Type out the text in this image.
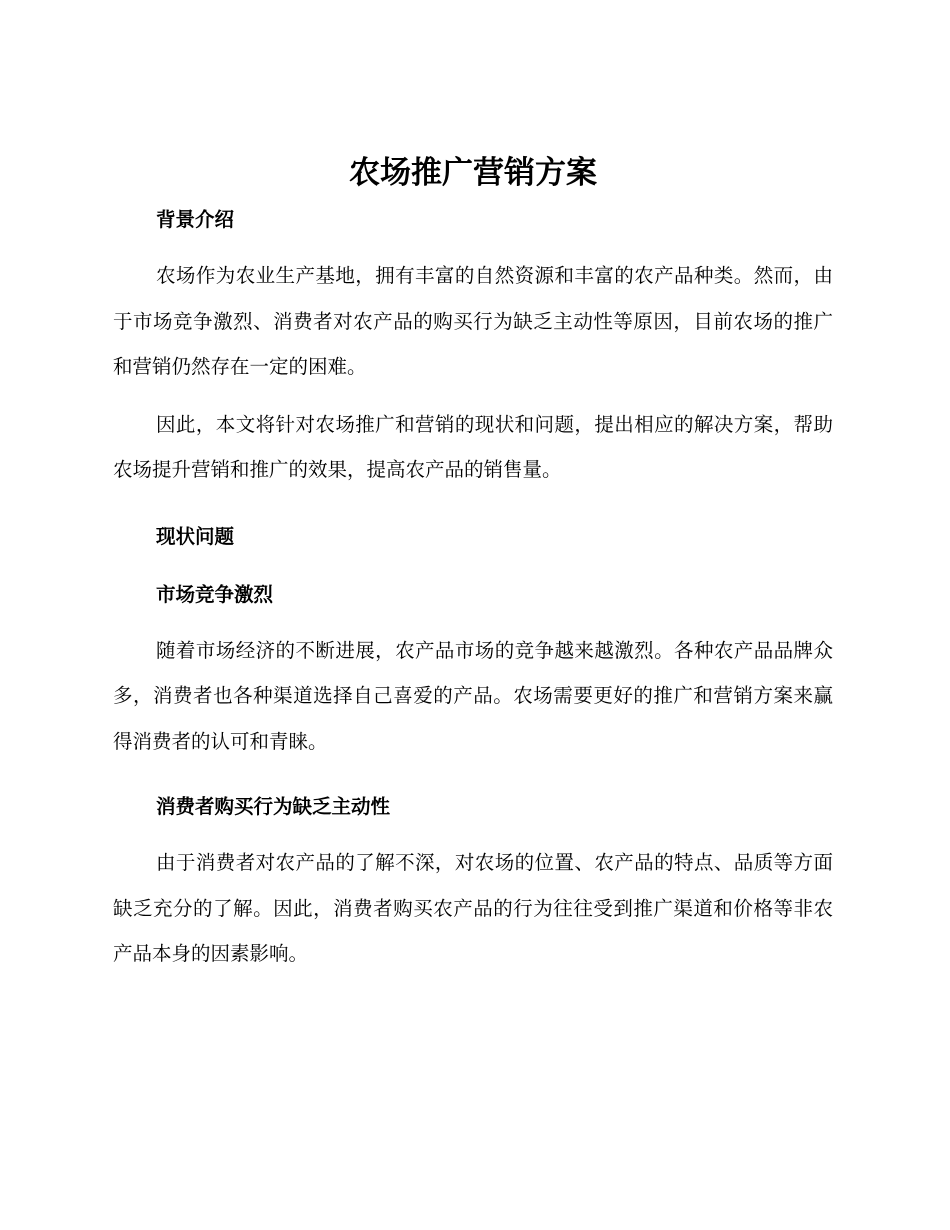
农场推广营销方案
背景介绍

农场作为农业生产基地，拥有丰富的自然资源和丰富的农产品种类。然而，由于市场竞争激烈、消费者对农产品的购买行为缺乏主动性等原因，目前农场的推广和营销仍然存在一定的困难。

因此，本文将针对农场推广和营销的现状和问题，提出相应的解决方案，帮助农场提升营销和推广的效果，提高农产品的销售量。

现状问题
市场竞争激烈

随着市场经济的不断进展，农产品市场的竞争越来越激烈。各种农产品品牌众多，消费者也各种渠道选择自己喜爱的产品。农场需要更好的推广和营销方案来赢得消费者的认可和青睐。

消费者购买行为缺乏主动性

由于消费者对农产品的了解不深，对农场的位置、农产品的特点、品质等方面缺乏充分的了解。因此，消费者购买农产品的行为往往受到推广渠道和价格等非农产品本身的因素影响。
